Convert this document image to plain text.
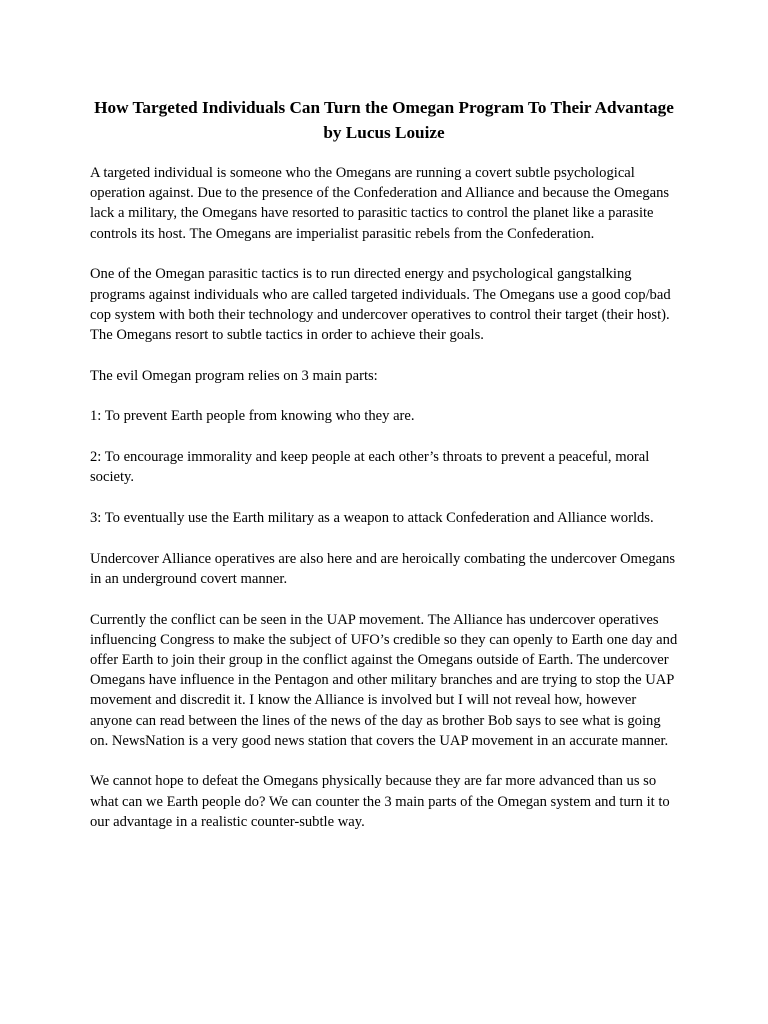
How Targeted Individuals Can Turn the Omegan Program To Their Advantage by Lucus Louize

A targeted individual is someone who the Omegans are running a covert subtle psychological operation against. Due to the presence of the Confederation and Alliance and because the Omegans lack a military, the Omegans have resorted to parasitic tactics to control the planet like a parasite controls its host. The Omegans are imperialist parasitic rebels from the Confederation.

One of the Omegan parasitic tactics is to run directed energy and psychological gangstalking programs against individuals who are called targeted individuals. The Omegans use a good cop/bad cop system with both their technology and undercover operatives to control their target (their host). The Omegans resort to subtle tactics in order to achieve their goals.

The evil Omegan program relies on 3 main parts:

1: To prevent Earth people from knowing who they are.

2: To encourage immorality and keep people at each other’s throats to prevent a peaceful, moral society.

3: To eventually use the Earth military as a weapon to attack Confederation and Alliance worlds.

Undercover Alliance operatives are also here and are heroically combating the undercover Omegans in an underground covert manner.

Currently the conflict can be seen in the UAP movement. The Alliance has undercover operatives influencing Congress to make the subject of UFO’s credible so they can openly to Earth one day and offer Earth to join their group in the conflict against the Omegans outside of Earth. The undercover Omegans have influence in the Pentagon and other military branches and are trying to stop the UAP movement and discredit it. I know the Alliance is involved but I will not reveal how, however anyone can read between the lines of the news of the day as brother Bob says to see what is going on. NewsNation is a very good news station that covers the UAP movement in an accurate manner.

We cannot hope to defeat the Omegans physically because they are far more advanced than us so what can we Earth people do? We can counter the 3 main parts of the Omegan system and turn it to our advantage in a realistic counter-subtle way.
